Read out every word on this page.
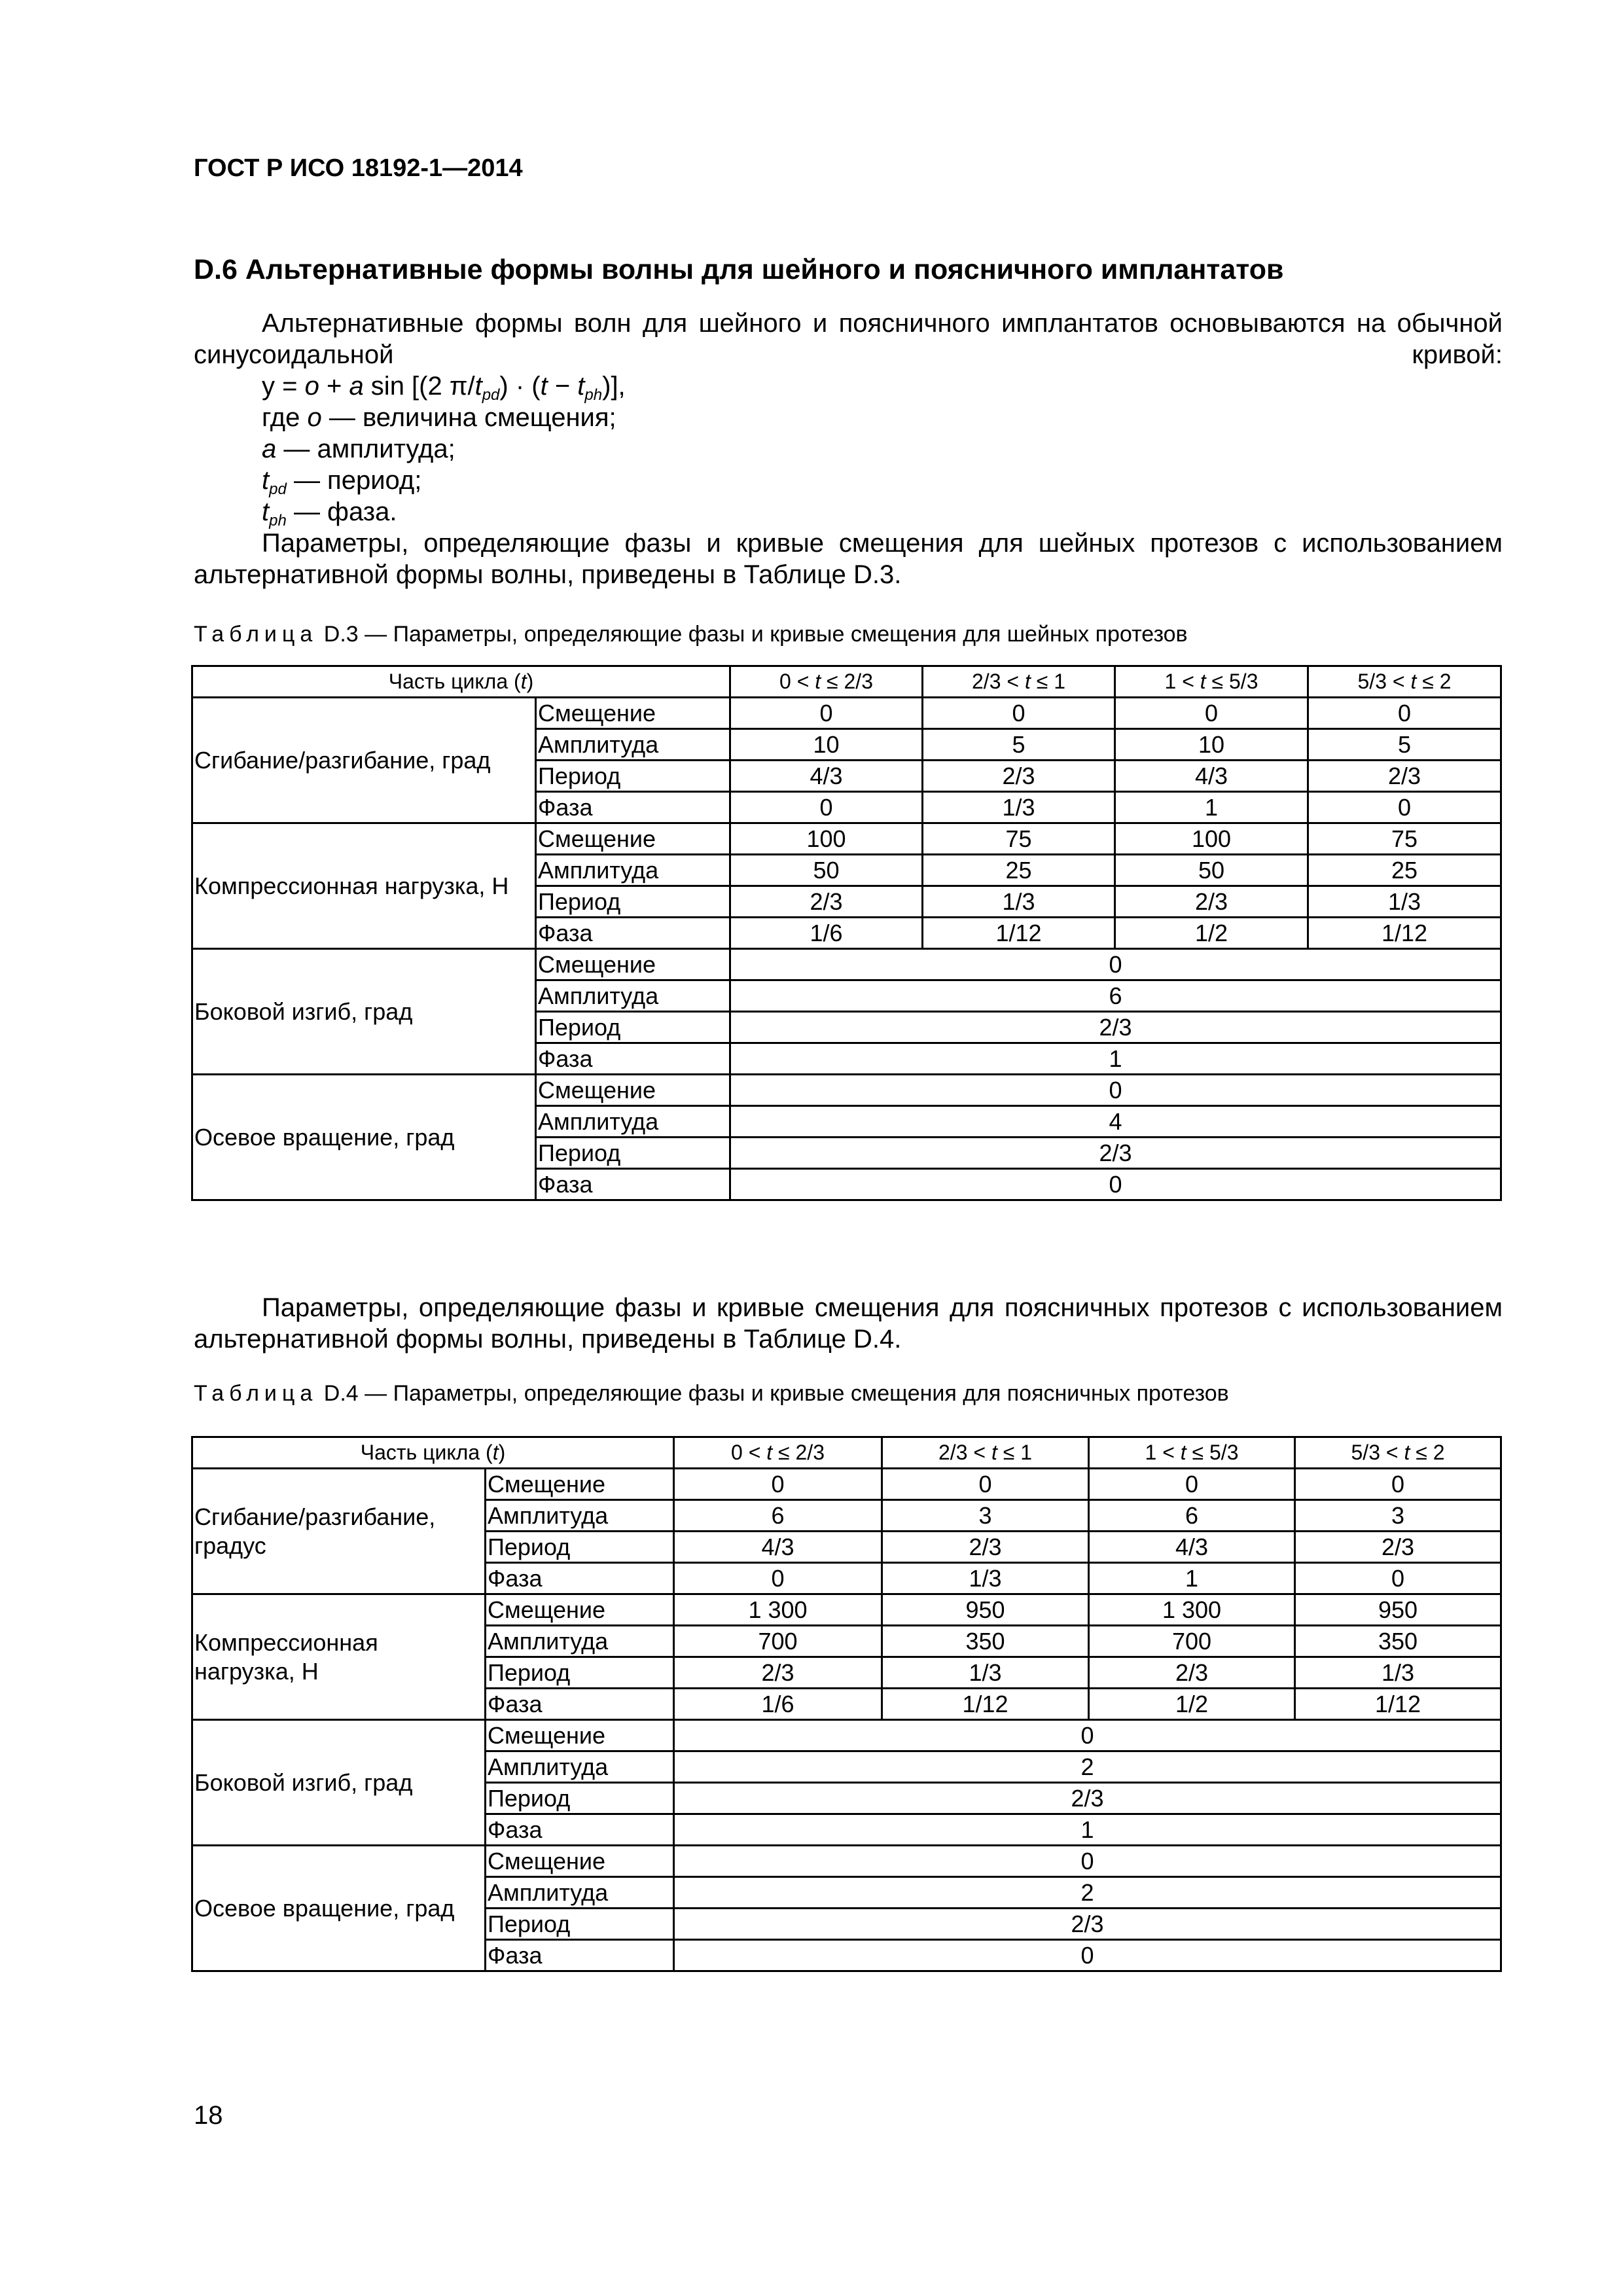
ГОСТ Р ИСО 18192-1—2014
D.6 Альтернативные формы волны для шейного и поясничного имплантатов
Альтернативные формы волн для шейного и поясничного имплантатов основываются на обычной синусоидальной кривой:
y = o + a sin [(2 $\pi/t_{pd}) \cdot (t - t_{ph})$],
где o — величина смещения;
a — амплитуда;
$t_{pd}$ — период;
$t_{ph}$ — фаза.
Параметры, определяющие фазы и кривые смещения для шейных протезов с использованием альтернативной формы волны, приведены в Таблице D.3.
Таблица D.3 — Параметры, определяющие фазы и кривые смещения для шейных протезов
Часть цикла (t)		0 < t ≤ 2/3	2/3 < t ≤ 1	1 < t ≤ 5/3	5/3 < t ≤ 2
Сгибание/разгибание, град	Смещение	0	0	0	0
	Амплитуда	10	5	10	5
	Период	4/3	2/3	4/3	2/3
	Фаза	0	1/3	1	0
Компрессионная нагрузка, Н	Смещение	100	75	100	75
	Амплитуда	50	25	50	25
	Период	2/3	1/3	2/3	1/3
	Фаза	1/6	1/12	1/2	1/12
Боковой изгиб, град	Смещение	0			
	Амплитуда	6			
	Период	2/3			
	Фаза	1			
Осевое вращение, град	Смещение	0			
	Амплитуда	4			
	Период	2/3			
	Фаза	0			
Параметры, определяющие фазы и кривые смещения для поясничных протезов с использованием альтернативной формы волны, приведены в Таблице D.4.
Таблица D.4 — Параметры, определяющие фазы и кривые смещения для поясничных протезов
Часть цикла (t)		0 < t ≤ 2/3	2/3 < t ≤ 1	1 < t ≤ 5/3	5/3 < t ≤ 2
Сгибание/разгибание, градус	Смещение	0	0	0	0
	Амплитуда	6	3	6	3
	Период	4/3	2/3	4/3	2/3
	Фаза	0	1/3	1	0
Компрессионная нагрузка, Н	Смещение	1 300	950	1 300	950
	Амплитуда	700	350	700	350
	Период	2/3	1/3	2/3	1/3
	Фаза	1/6	1/12	1/2	1/12
Боковой изгиб, град	Смещение	0			
	Амплитуда	2			
	Период	2/3			
	Фаза	1			
Осевое вращение, град	Смещение	0			
	Амплитуда	2			
	Период	2/3			
	Фаза	0			
18
